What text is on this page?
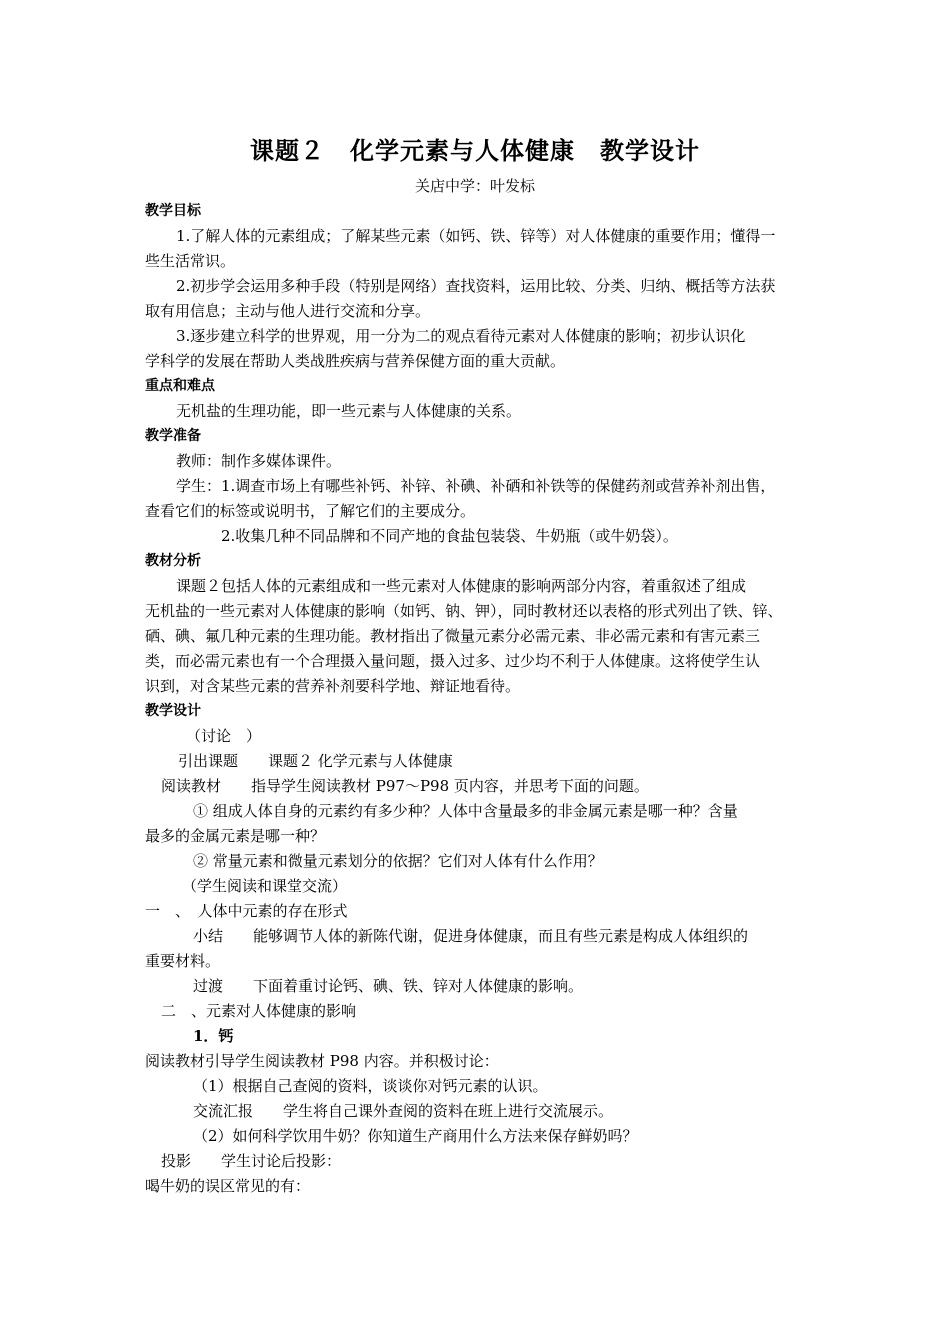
课题２　化学元素与人体健康　教学设计
关店中学：叶发标
教学目标
1.了解人体的元素组成；了解某些元素（如钙、铁、锌等）对人体健康的重要作用；懂得一
些生活常识。
2.初步学会运用多种手段（特别是网络）查找资料，运用比较、分类、归纳、概括等方法获
取有用信息；主动与他人进行交流和分享。
3.逐步建立科学的世界观，用一分为二的观点看待元素对人体健康的影响；初步认识化
学科学的发展在帮助人类战胜疾病与营养保健方面的重大贡献。
重点和难点
无机盐的生理功能，即一些元素与人体健康的关系。
教学准备
教师：制作多媒体课件。
学生：1.调查市场上有哪些补钙、补锌、补碘、补硒和补铁等的保健药剂或营养补剂出售，
查看它们的标签或说明书，了解它们的主要成分。
2.收集几种不同品牌和不同产地的食盐包装袋、牛奶瓶（或牛奶袋）。
教材分析
课题２包括人体的元素组成和一些元素对人体健康的影响两部分内容，着重叙述了组成
无机盐的一些元素对人体健康的影响（如钙、钠、钾），同时教材还以表格的形式列出了铁、锌、
硒、碘、氟几种元素的生理功能。教材指出了微量元素分必需元素、非必需元素和有害元素三
类，而必需元素也有一个合理摄入量问题，摄入过多、过少均不利于人体健康。这将使学生认
识到，对含某些元素的营养补剂要科学地、辩证地看待。
教学设计
（讨论　）
引出课题　　课题２ 化学元素与人体健康
阅读教材　　指导学生阅读教材 P97～P98 页内容，并思考下面的问题。
① 组成人体自身的元素约有多少种？人体中含量最多的非金属元素是哪一种？含量
最多的金属元素是哪一种？
② 常量元素和微量元素划分的依据？它们对人体有什么作用？
（学生阅读和课堂交流）
一　、　人体中元素的存在形式
小结　　能够调节人体的新陈代谢，促进身体健康，而且有些元素是构成人体组织的
重要材料。
过渡　　下面着重讨论钙、碘、铁、锌对人体健康的影响。
二　、元素对人体健康的影响
1．钙
阅读教材引导学生阅读教材 P98 内容。并积极讨论：
（1）根据自己查阅的资料，谈谈你对钙元素的认识。
交流汇报　　学生将自己课外查阅的资料在班上进行交流展示。
（2）如何科学饮用牛奶？你知道生产商用什么方法来保存鲜奶吗？
投影　　学生讨论后投影：
喝牛奶的误区常见的有：
